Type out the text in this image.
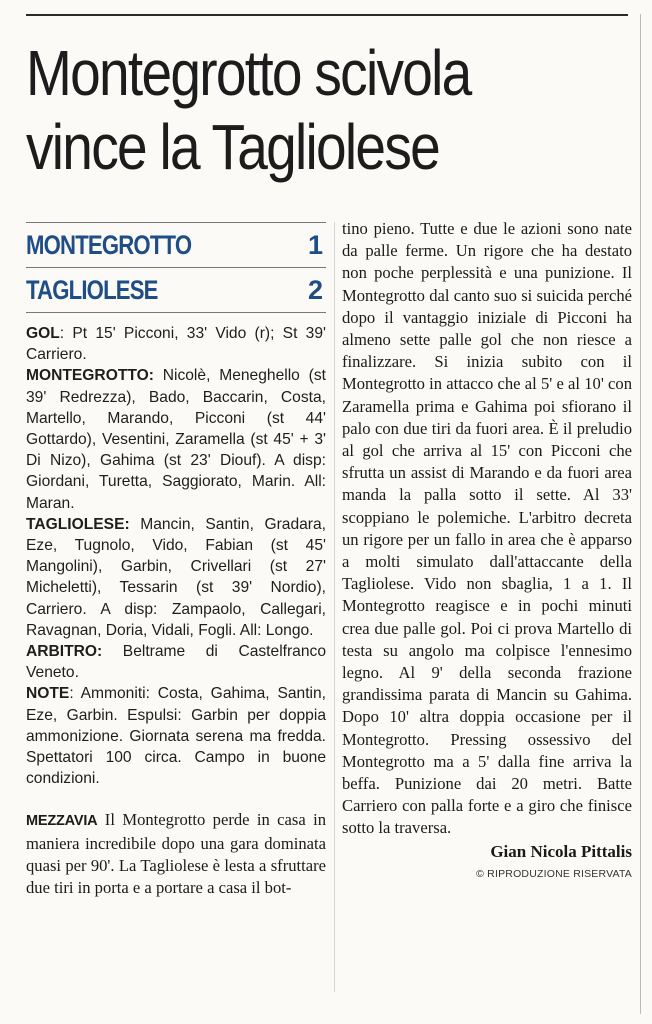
Montegrotto scivola
vince la Tagliolese
MONTEGROTTO	1
TAGLIOLESE	2

GOL: Pt 15' Picconi, 33' Vido (r); St 39' Carriero.

MONTEGROTTO: Nicolè, Meneghello (st 39' Redrezza), Bado, Baccarin, Costa, Martello, Marando, Picconi (st 44' Gottardo), Vesentini, Zaramella (st 45' + 3' Di Nizo), Gahima (st 23' Diouf). A disp: Giordani, Turetta, Saggiorato, Marin. All: Maran.

TAGLIOLESE: Mancin, Santin, Gradara, Eze, Tugnolo, Vido, Fabian (st 45' Mangolini), Garbin, Crivellari (st 27' Micheletti), Tessarin (st 39' Nordio), Carriero. A disp: Zampaolo, Callegari, Ravagnan, Doria, Vidali, Fogli. All: Longo.

ARBITRO: Beltrame di Castelfranco Veneto.

NOTE: Ammoniti: Costa, Gahima, Santin, Eze, Garbin. Espulsi: Garbin per doppia ammonizione. Giornata serena ma fredda. Spettatori 100 circa. Campo in buone condizioni.

MEZZAVIA Il Montegrotto perde in casa in maniera incredibile dopo una gara dominata quasi per 90'. La Tagliolese è lesta a sfruttare due tiri in porta e a portare a casa il bot-
tino pieno. Tutte e due le azioni sono nate da palle ferme. Un rigore che ha destato non poche perplessità e una punizione. Il Montegrotto dal canto suo si suicida perché dopo il vantaggio iniziale di Picconi ha almeno sette palle gol che non riesce a finalizzare. Si inizia subito con il Montegrotto in attacco che al 5' e al 10' con Zaramella prima e Gahima poi sfiorano il palo con due tiri da fuori area. È il preludio al gol che arriva al 15' con Picconi che sfrutta un assist di Marando e da fuori area manda la palla sotto il sette. Al 33' scoppiano le polemiche. L'arbitro decreta un rigore per un fallo in area che è apparso a molti simulato dall'attaccante della Tagliolese. Vido non sbaglia, 1 a 1. Il Montegrotto reagisce e in pochi minuti crea due palle gol. Poi ci prova Martello di testa su angolo ma colpisce l'ennesimo legno. Al 9' della seconda frazione grandissima parata di Mancin su Gahima. Dopo 10' altra doppia occasione per il Montegrotto. Pressing ossessivo del Montegrotto ma a 5' dalla fine arriva la beffa. Punizione dai 20 metri. Batte Carriero con palla forte e a giro che finisce sotto la traversa.
Gian Nicola Pittalis
© RIPRODUZIONE RISERVATA
